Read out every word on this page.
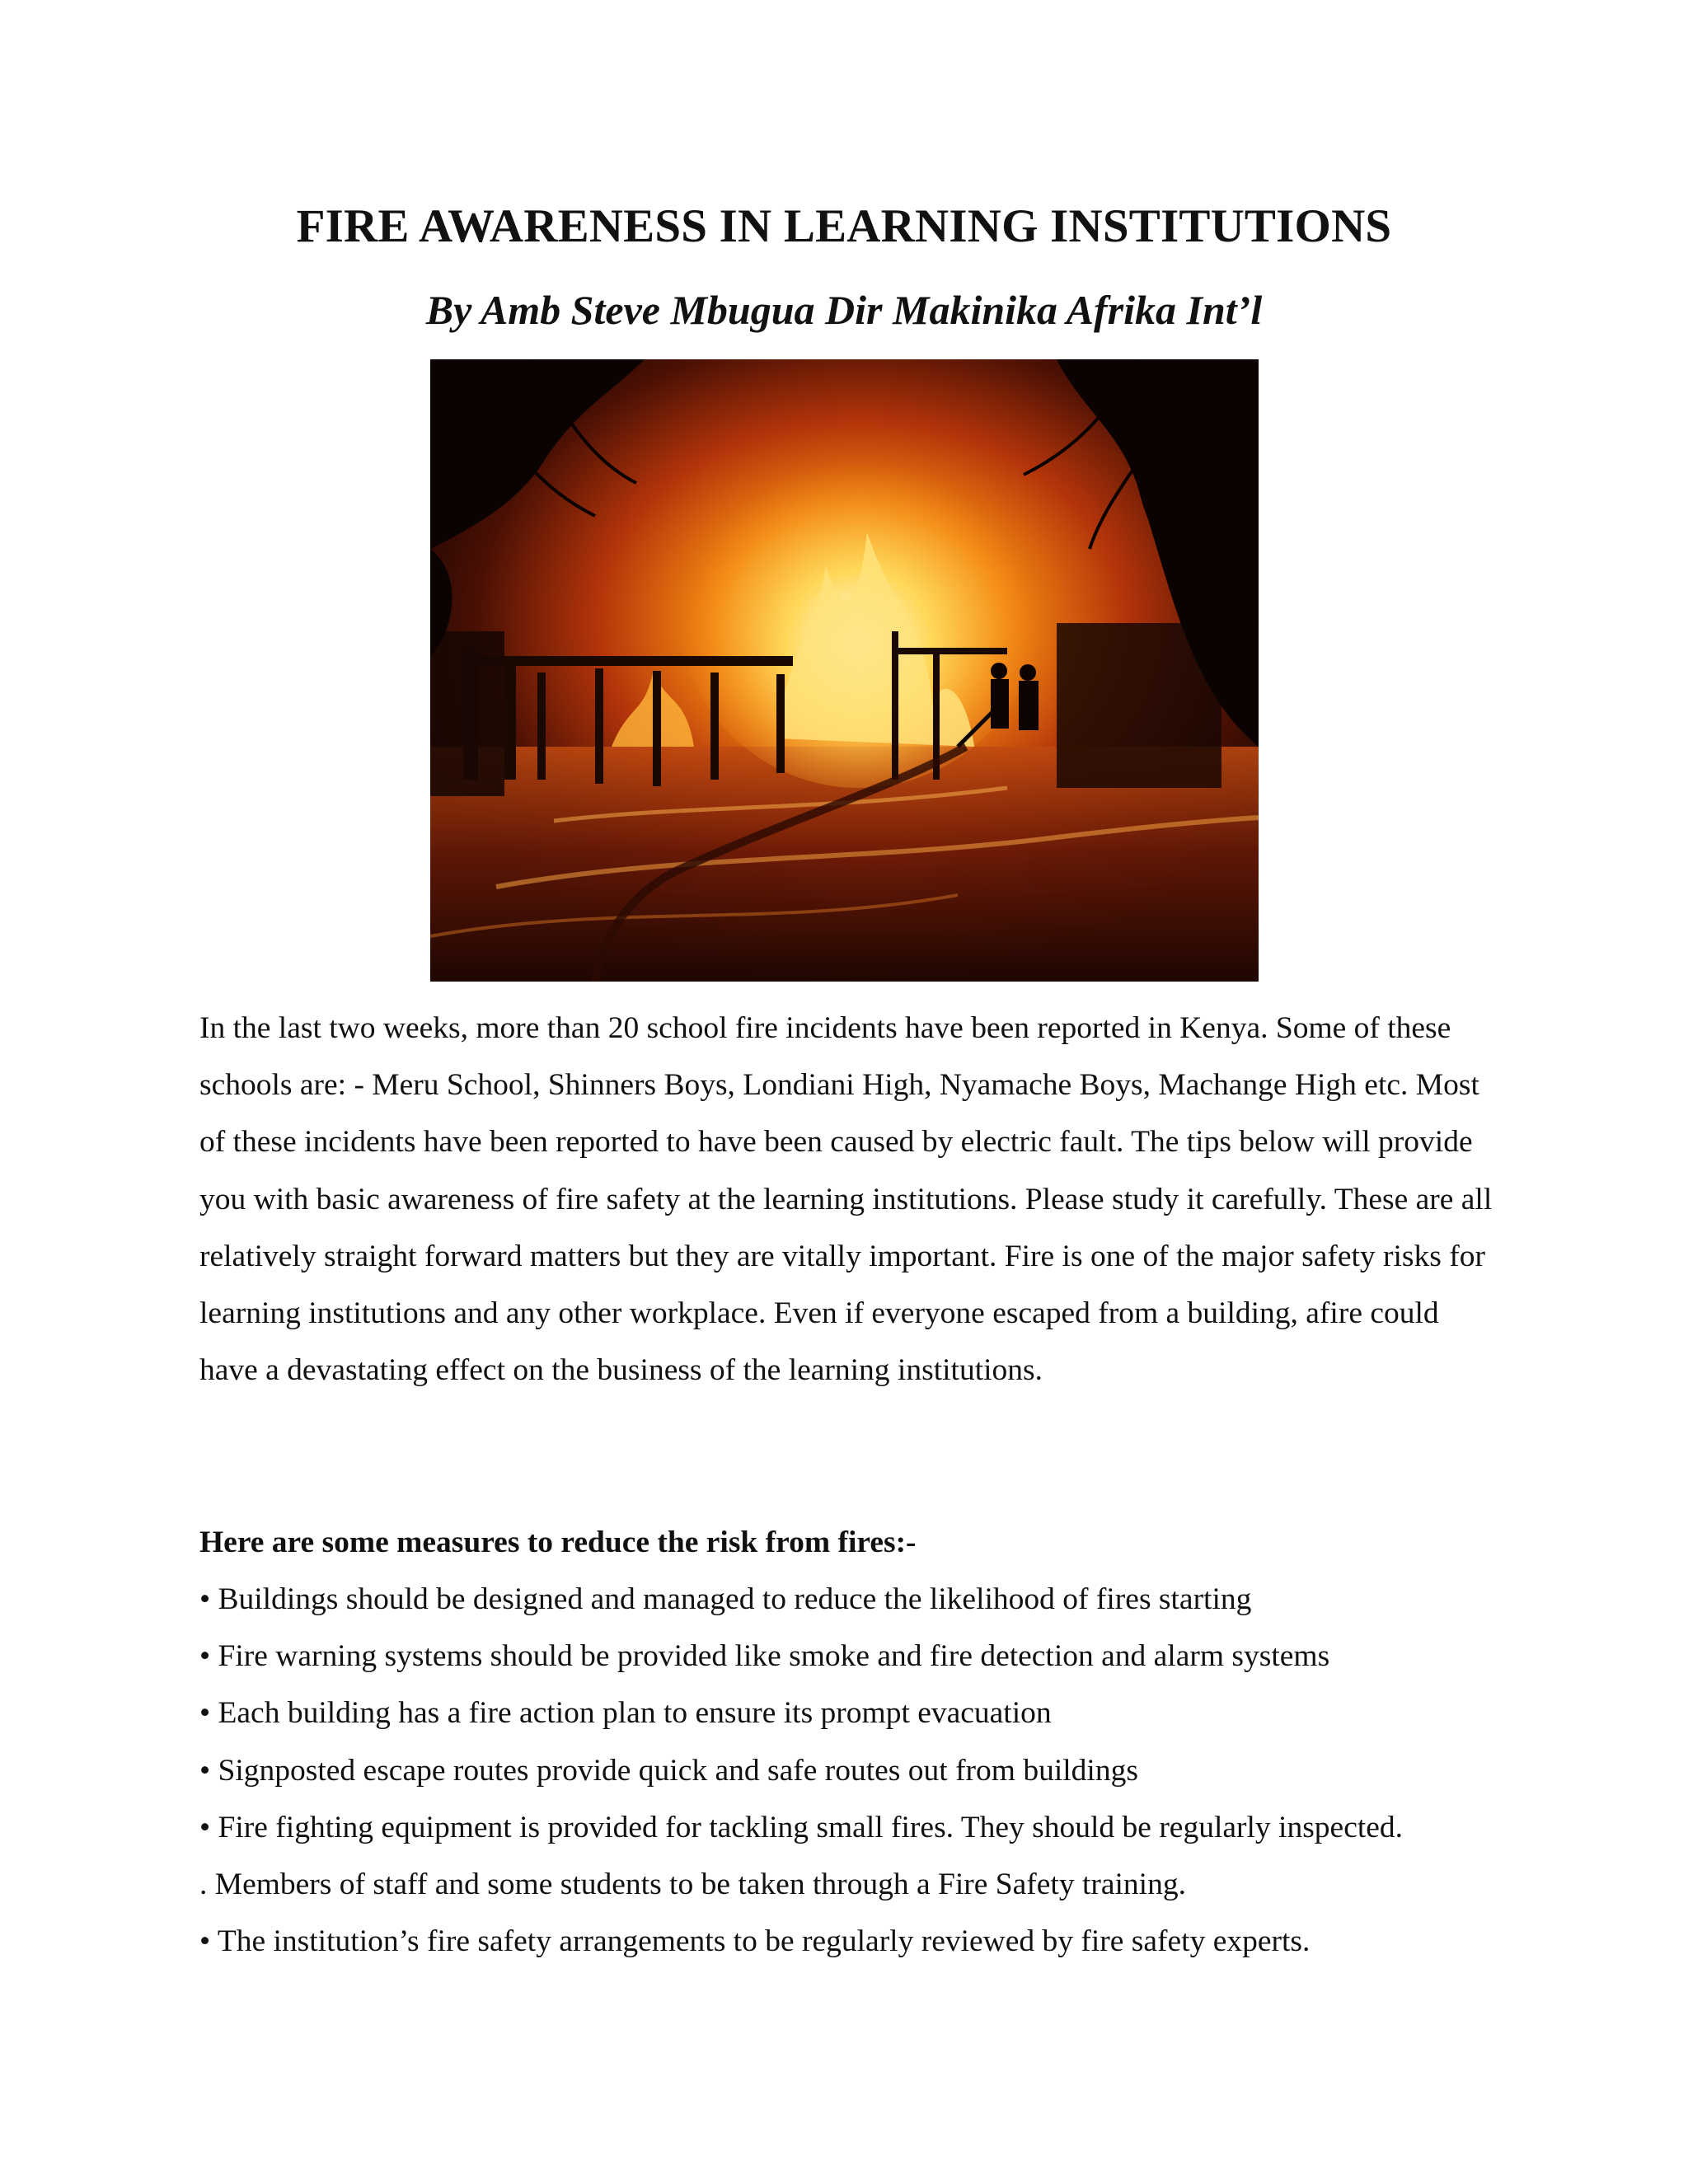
FIRE AWARENESS IN LEARNING INSTITUTIONS
By Amb Steve Mbugua Dir Makinika Afrika Int’l

In the last two weeks, more than 20 school fire incidents have been reported in Kenya. Some of these schools are: - Meru School, Shinners Boys, Londiani High, Nyamache Boys, Machange High etc. Most of these incidents have been reported to have been caused by electric fault. The tips below will provide you with basic awareness of fire safety at the learning institutions. Please study it carefully. These are all relatively straight forward matters but they are vitally important. Fire is one of the major safety risks for learning institutions and any other workplace. Even if everyone escaped from a building, afire could have a devastating effect on the business of the learning institutions.

Here are some measures to reduce the risk from fires:-

• Buildings should be designed and managed to reduce the likelihood of fires starting
• Fire warning systems should be provided like smoke and fire detection and alarm systems
• Each building has a fire action plan to ensure its prompt evacuation
• Signposted escape routes provide quick and safe routes out from buildings
• Fire fighting equipment is provided for tackling small fires. They should be regularly inspected.
. Members of staff and some students to be taken through a Fire Safety training.
• The institution’s fire safety arrangements to be regularly reviewed by fire safety experts.
